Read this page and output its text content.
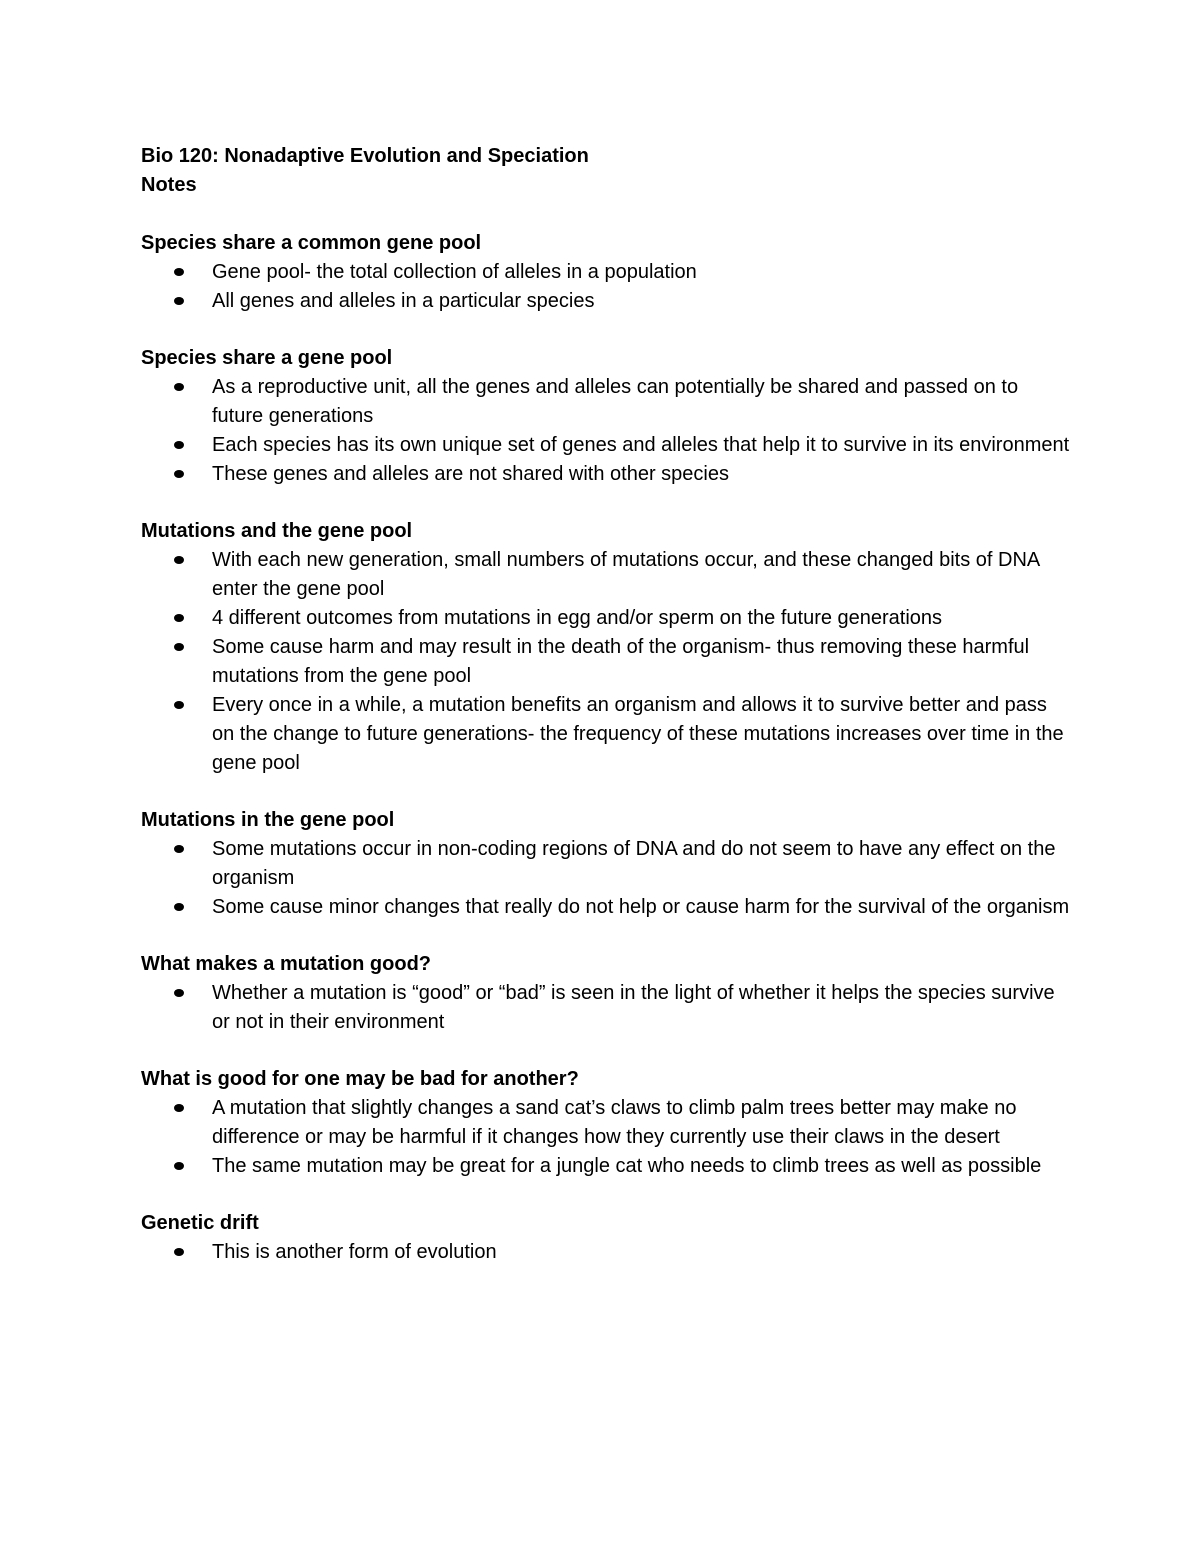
Bio 120: Nonadaptive Evolution and Speciation

Notes

Species share a common gene pool

Gene pool- the total collection of alleles in a population
All genes and alleles in a particular species

Species share a gene pool

As a reproductive unit, all the genes and alleles can potentially be shared and passed on to future generations
Each species has its own unique set of genes and alleles that help it to survive in its environment
These genes and alleles are not shared with other species

Mutations and the gene pool

With each new generation, small numbers of mutations occur, and these changed bits of DNA enter the gene pool
4 different outcomes from mutations in egg and/or sperm on the future generations
Some cause harm and may result in the death of the organism- thus removing these harmful mutations from the gene pool
Every once in a while, a mutation benefits an organism and allows it to survive better and pass on the change to future generations- the frequency of these mutations increases over time in the gene pool

Mutations in the gene pool

Some mutations occur in non-coding regions of DNA and do not seem to have any effect on the organism
Some cause minor changes that really do not help or cause harm for the survival of the organism

What makes a mutation good?

Whether a mutation is “good” or “bad” is seen in the light of whether it helps the species survive or not in their environment

What is good for one may be bad for another?

A mutation that slightly changes a sand cat’s claws to climb palm trees better may make no difference or may be harmful if it changes how they currently use their claws in the desert
The same mutation may be great for a jungle cat who needs to climb trees as well as possible

Genetic drift

This is another form of evolution
